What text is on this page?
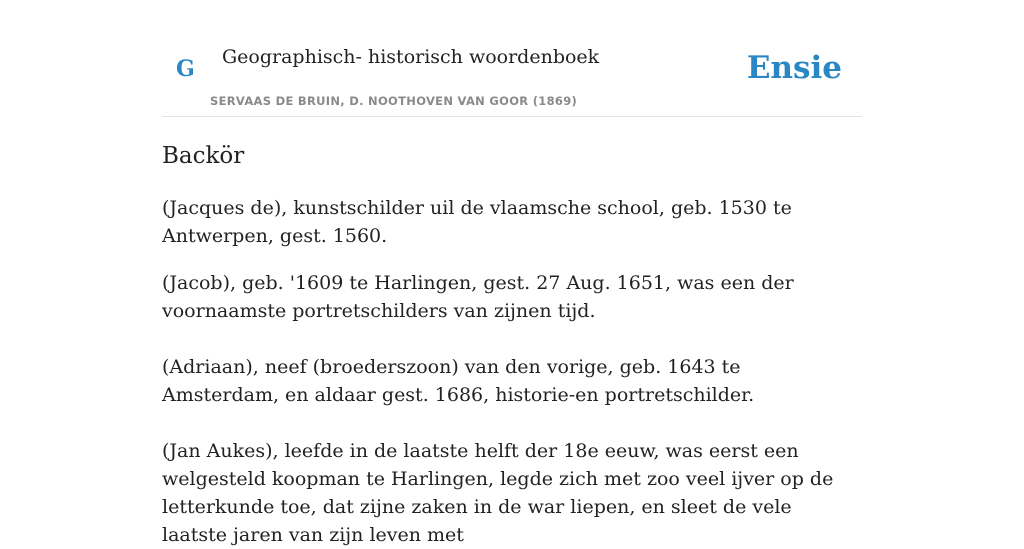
G Geographisch- historisch woordenboek
SERVAAS DE BRUIN, D. NOOTHOVEN VAN GOOR (1869)
Ensie
Backör

(Jacques de), kunstschilder uil de vlaamsche school, geb. 1530 te Antwerpen, gest. 1560.

(Jacob), geb. '1609 te Harlingen, gest. 27 Aug. 1651, was een der voornaamste portretschilders van zijnen tijd.

(Adriaan), neef (broederszoon) van den vorige, geb. 1643 te Amsterdam, en aldaar gest. 1686, historie-en portretschilder.

(Jan Aukes), leefde in de laatste helft der 18e eeuw, was eerst een welgesteld koopman te Harlingen, legde zich met zoo veel ijver op de letterkunde toe, dat zijne zaken in de war liepen, en sleet de vele laatste jaren van zijn leven met
